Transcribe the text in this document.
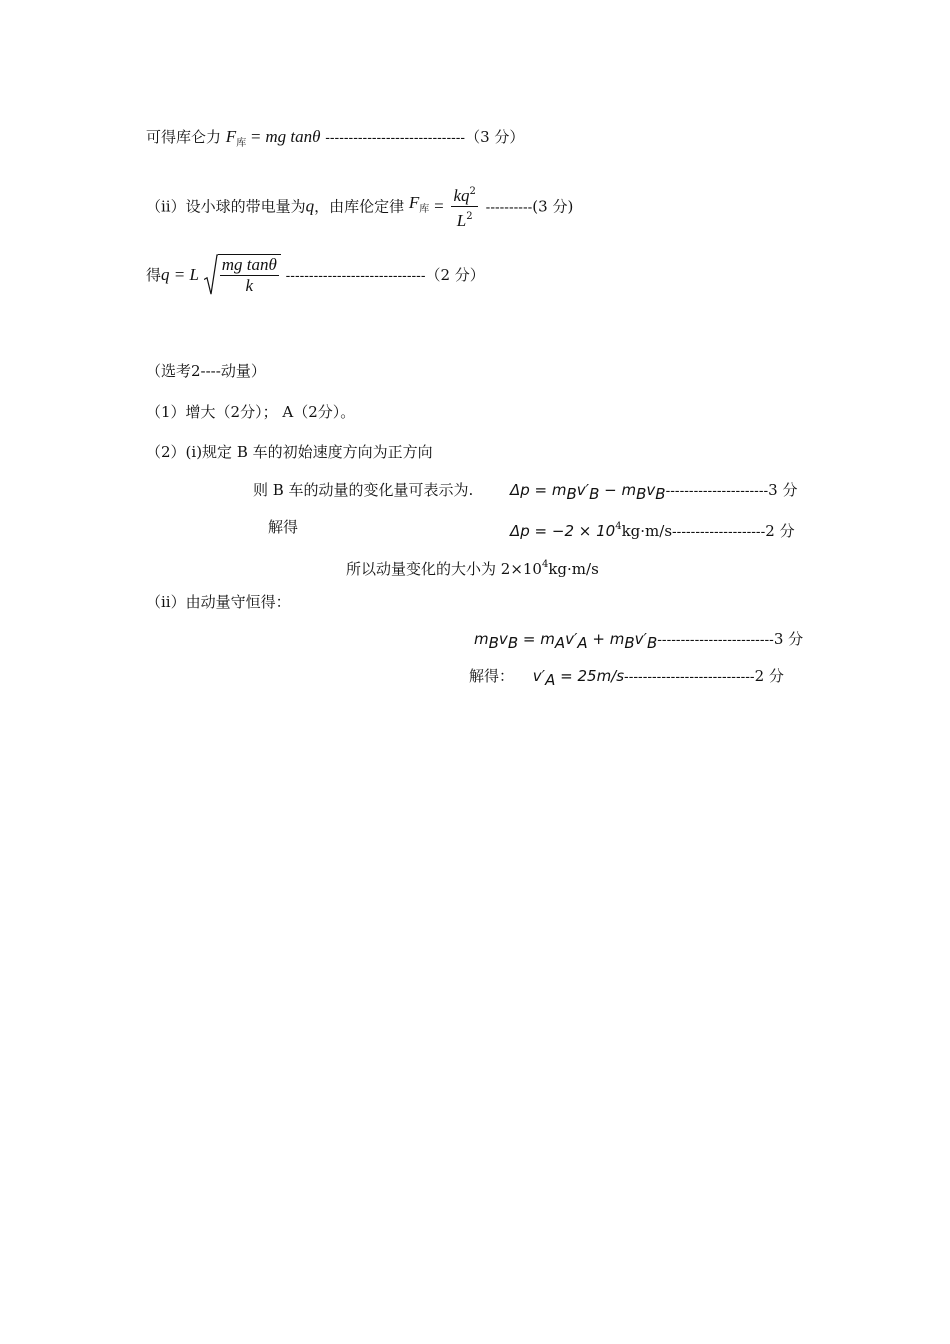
可得库仑力 $F_库$ = mg tanθ ------------------------------（3 分）
（ii）设小球的带电量为q，由库伦定律 $F_库 = \frac{kq^2}{L^2} ----------(3$ 分)
得q = L $\frac{\text{mg tanθ}}{k} ------------------------------(2$ 分）
（选考2----动量）
（1）增大（2分）； A（2分）。
（2）(i)规定 B 车的初始速度方向为正方向
则 B 车的动量的变化量可表示为. Δp = mBv′B − mBvB----------------------3 分
解得	$\Delta p = -2 \times 10^4kg\cdot m/s--------------------2$ 分
所以动量变化的大小为 $2\times 10^4kg\cdot m/s$
（ii）由动量守恒得：
mBvB = mAv′A + mBv′B-------------------------3 分
解得： v′A = 25m/s----------------------------2 分
